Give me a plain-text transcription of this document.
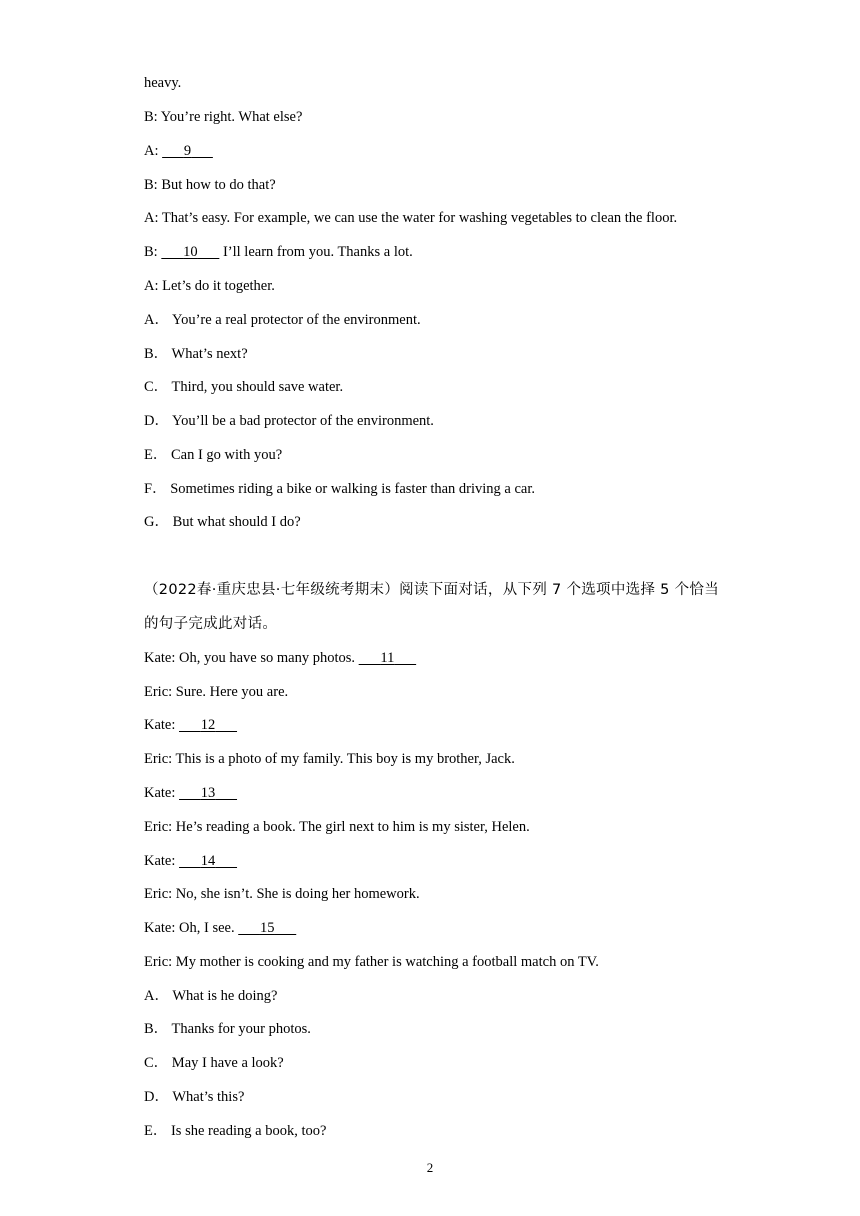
heavy.
B: You’re right. What else?
A: 9
B: But how to do that?
A: That’s easy. For example, we can use the water for washing vegetables to clean the floor.
B: 10 I’ll learn from you. Thanks a lot.
A: Let’s do it together.
A． You’re a real protector of the environment.
B． What’s next?
C． Third, you should save water.
D． You’ll be a bad protector of the environment.
E． Can I go with you?
F． Sometimes riding a bike or walking is faster than driving a car.
G． But what should I do?
（2022春·重庆忠县·七年级统考期末）阅读下面对话，从下列 7 个选项中选择 5 个恰当
的句子完成此对话。
Kate: Oh, you have so many photos. 11
Eric: Sure. Here you are.
Kate: 12
Eric: This is a photo of my family. This boy is my brother, Jack.
Kate: 13
Eric: He’s reading a book. The girl next to him is my sister, Helen.
Kate: 14
Eric: No, she isn’t. She is doing her homework.
Kate: Oh, I see. 15
Eric: My mother is cooking and my father is watching a football match on TV.
A． What is he doing?
B． Thanks for your photos.
C． May I have a look?
D． What’s this?
E． Is she reading a book, too?
2
